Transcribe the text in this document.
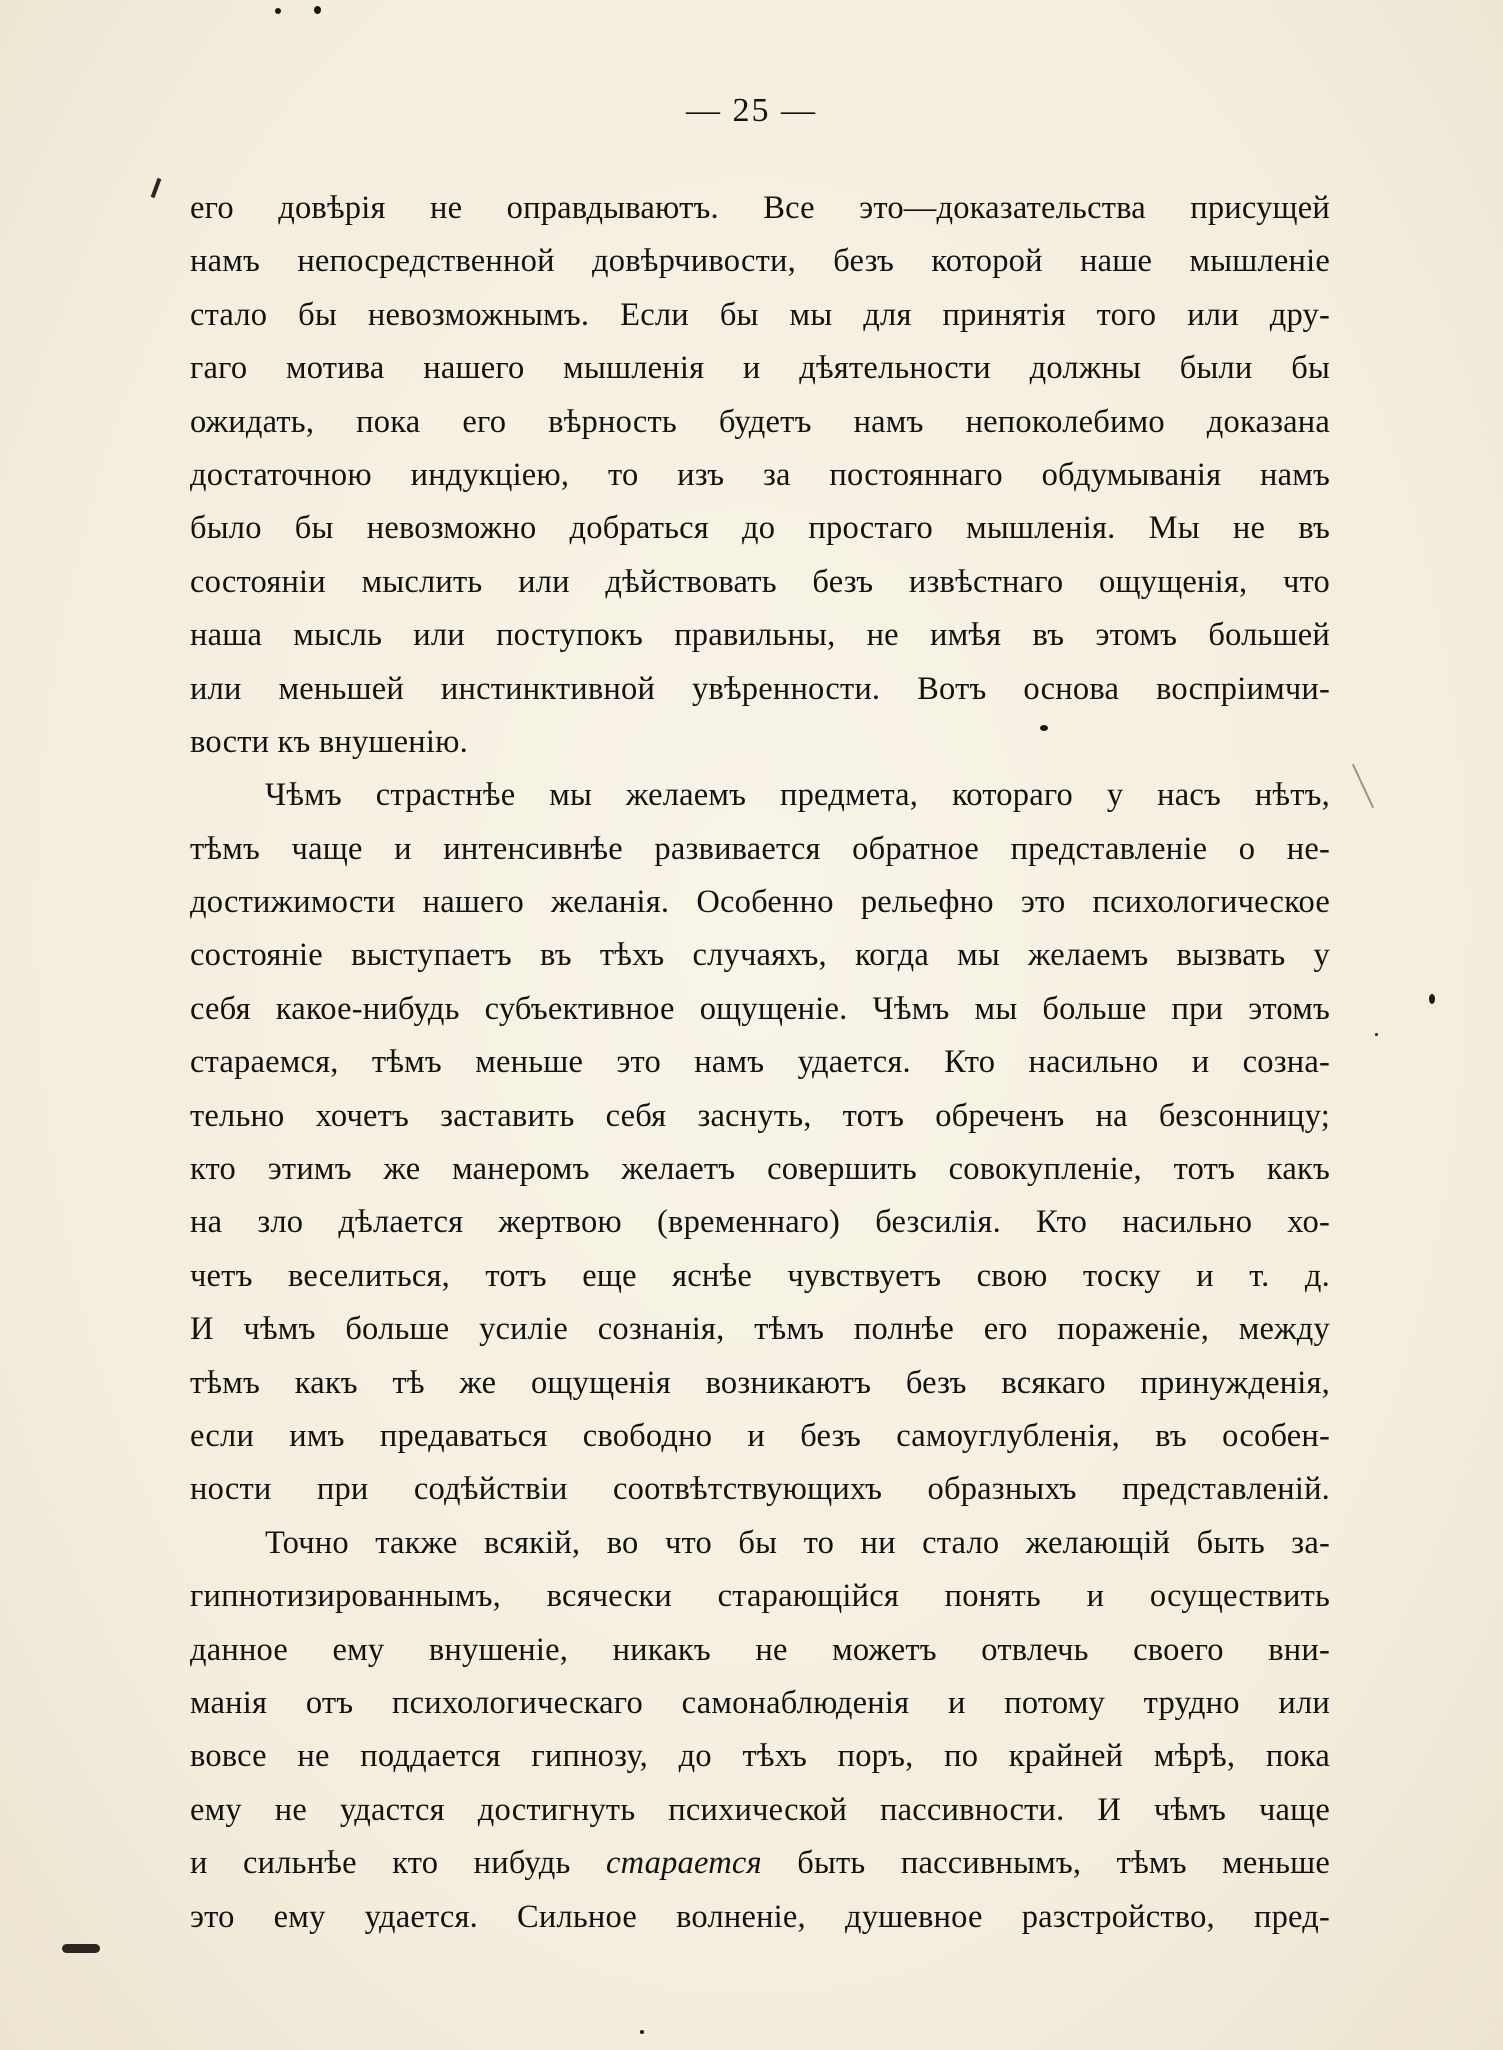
— 25 —
его довѣрія не оправдываютъ. Все это—доказательства присущей
намъ непосредственной довѣрчивости, безъ которой наше мышленіе
стало бы невозможнымъ. Если бы мы для принятія того или дру-
гаго мотива нашего мышленія и дѣятельности должны были бы
ожидать, пока его вѣрность будетъ намъ непоколебимо доказана
достаточною индукціею, то изъ за постояннаго обдумыванія намъ
было бы невозможно добраться до простаго мышленія. Мы не въ
состояніи мыслить или дѣйствовать безъ извѣстнаго ощущенія, что
наша мысль или поступокъ правильны, не имѣя въ этомъ большей
или меньшей инстинктивной увѣренности. Вотъ основа воспріимчи-
вости къ внушенію.
Чѣмъ страстнѣе мы желаемъ предмета, котораго у насъ нѣтъ,
тѣмъ чаще и интенсивнѣе развивается обратное представленіе о не-
достижимости нашего желанія. Особенно рельефно это психологическое
состояніе выступаетъ въ тѣхъ случаяхъ, когда мы желаемъ вызвать у
себя какое-нибудь субъективное ощущеніе. Чѣмъ мы больше при этомъ
стараемся, тѣмъ меньше это намъ удается. Кто насильно и созна-
тельно хочетъ заставить себя заснуть, тотъ обреченъ на безсонницу;
кто этимъ же манеромъ желаетъ совершить совокупленіе, тотъ какъ
на зло дѣлается жертвою (временнаго) безсилія. Кто насильно хо-
четъ веселиться, тотъ еще яснѣе чувствуетъ свою тоску и т. д.
И чѣмъ больше усиліе сознанія, тѣмъ полнѣе его пораженіе, между
тѣмъ какъ тѣ же ощущенія возникаютъ безъ всякаго принужденія,
если имъ предаваться свободно и безъ самоуглубленія, въ особен-
ности при содѣйствіи соотвѣтствующихъ образныхъ представленій.
Точно также всякій, во что бы то ни стало желающій быть за-
гипнотизированнымъ, всячески старающійся понять и осуществить
данное ему внушеніе, никакъ не можетъ отвлечь своего вни-
манія отъ психологическаго самонаблюденія и потому трудно или
вовсе не поддается гипнозу, до тѣхъ поръ, по крайней мѣрѣ, пока
ему не удастся достигнуть психической пассивности. И чѣмъ чаще
и сильнѣе кто нибудь старается быть пассивнымъ, тѣмъ меньше
это ему удается. Сильное волненіе, душевное разстройство, пред-
